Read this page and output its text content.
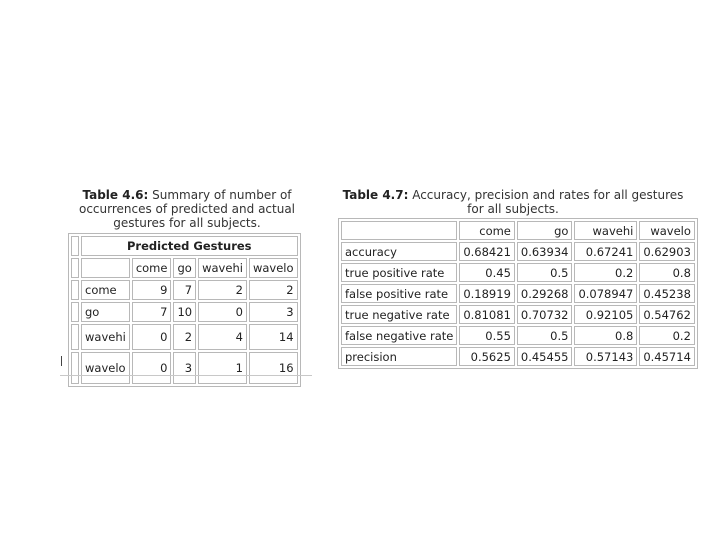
Table 4.6: Summary of number of occurrences of predicted and actual gestures for all subjects.
	Predicted Gestures				
		come	go	wavehi	wavelo
	come	9	7	2	2
	go	7	10	0	3
	wavehi	0	2	4	14
	wavelo	0	3	1	16
Table 4.7: Accuracy, precision and rates for all gestures for all subjects.
	come	go	wavehi	wavelo
accuracy	0.68421	0.63934	0.67241	0.62903
true positive rate	0.45	0.5	0.2	0.8
false positive rate	0.18919	0.29268	0.078947	0.45238
true negative rate	0.81081	0.70732	0.92105	0.54762
false negative rate	0.55	0.5	0.8	0.2
precision	0.5625	0.45455	0.57143	0.45714
